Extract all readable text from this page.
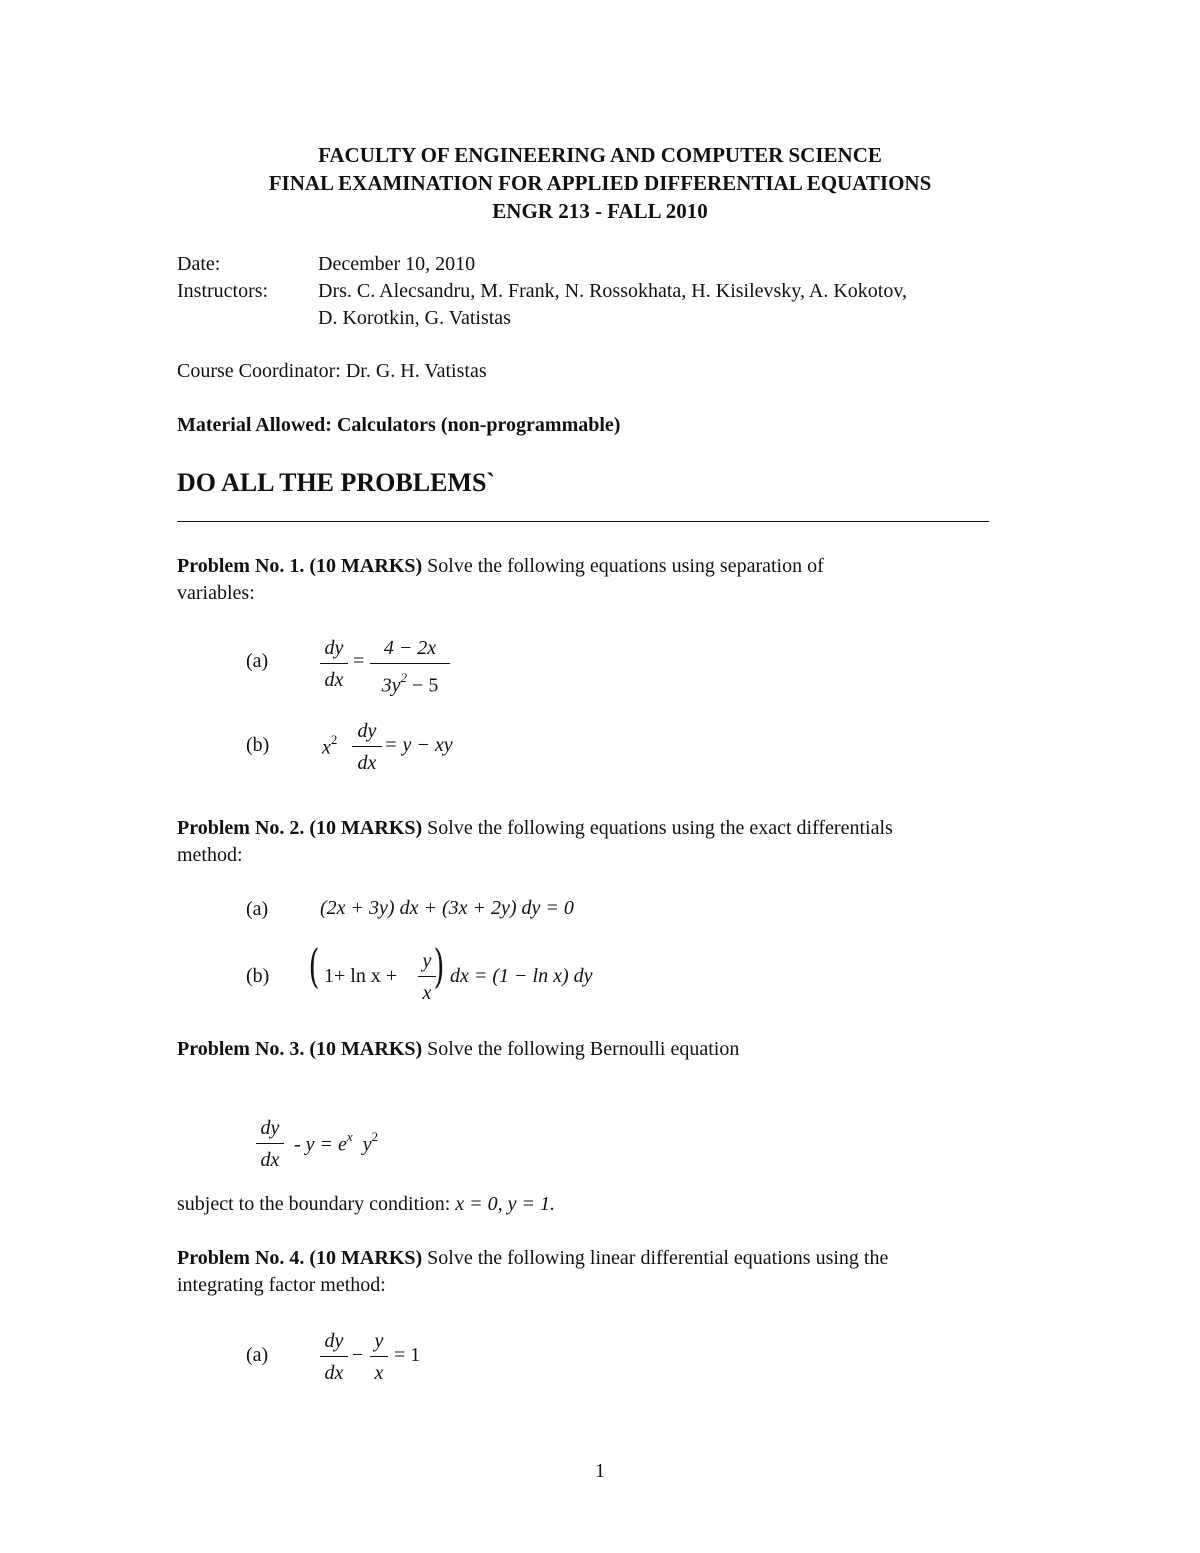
FACULTY OF ENGINEERING AND COMPUTER SCIENCE
FINAL EXAMINATION FOR APPLIED DIFFERENTIAL EQUATIONS
ENGR 213 - FALL 2010
Date:	December 10, 2010
Instructors: Drs. C. Alecsandru, M. Frank, N. Rossokhata, H. Kisilevsky, A. Kokotov,
D. Korotkin, G. Vatistas
Course Coordinator: Dr. G. H. Vatistas
Material Allowed: Calculators (non-programmable)
DO ALL THE PROBLEMS`
Problem No. 1. (10 MARKS) Solve the following equations using separation of
variables:
(a)
dy
dx
=
4 − 2x
$3y^2 - 5$
(b)	$x^2$ dy
dx
= y − xy
Problem No. 2. (10 MARKS) Solve the following equations using the exact differentials
method:
(a)	(2x + 3y) dx + (3x + 2y) dy = 0
(b) ( 1+ ln x +
y
x ) dx = (1 − ln x) dy
Problem No. 3. (10 MARKS) Solve the following Bernoulli equation
dy
dx
- $y = e^x$ $y^2$
subject to the boundary condition: x = 0, y = 1.
Problem No. 4. (10 MARKS) Solve the following linear differential equations using the
integrating factor method:
(a)
dy
dx
−
y
x
= 1
1
